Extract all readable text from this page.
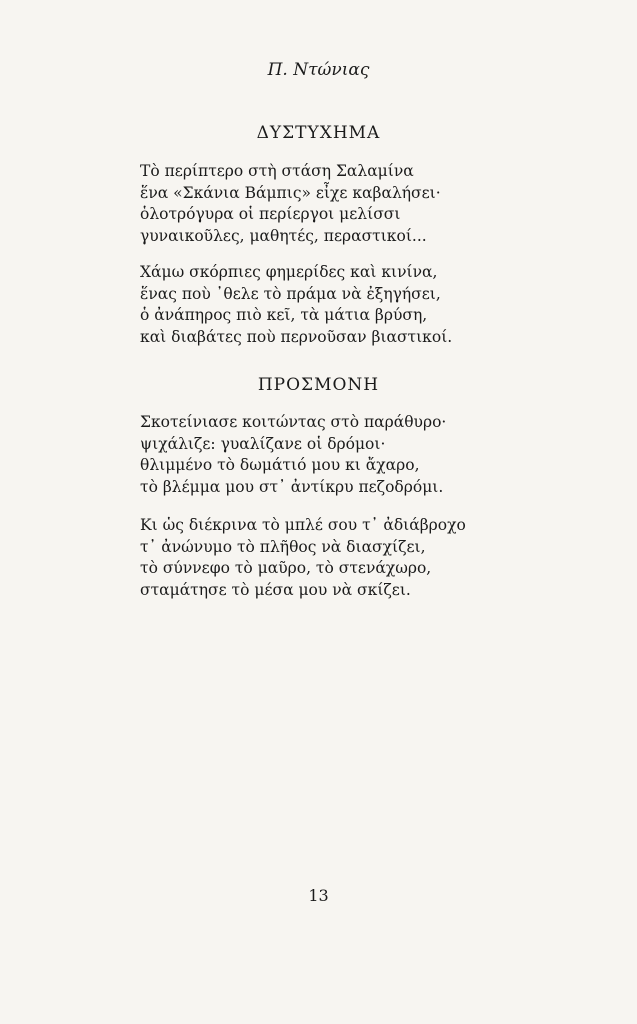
Π. Ντώνιας
ΔΥΣΤΥΧΗΜΑ
Τὸ περίπτερο στὴ στάση Σαλαμίνα
ἕνα «Σκάνια Βάμπις» εἶχε καβαλήσει·
ὁλοτρόγυρα οἱ περίεργοι μελίσσι
γυναικοῦλες, μαθητές, περαστικοί...
Χάμω σκόρπιες φημερίδες καὶ κινίνα,
ἕνας ποὺ ᾽θελε τὸ πράμα νὰ ἐξηγήσει,
ὁ ἀνάπηρος πιὸ κεῖ, τὰ μάτια βρύση,
καὶ διαβάτες ποὺ περνοῦσαν βιαστικοί.
ΠΡΟΣΜΟΝΗ
Σκοτείνιασε κοιτώντας στὸ παράθυρο·
ψιχάλιζε: γυαλίζανε οἱ δρόμοι·
θλιμμένο τὸ δωμάτιό μου κι ἄχαρο,
τὸ βλέμμα μου στ᾽ ἀντίκρυ πεζοδρόμι.
Κι ὡς διέκρινα τὸ μπλέ σου τ᾽ ἀδιάβροχο
τ᾽ ἀνώνυμο τὸ πλῆθος νὰ διασχίζει,
τὸ σύννεφο τὸ μαῦρο, τὸ στενάχωρο,
σταμάτησε τὸ μέσα μου νὰ σκίζει.
13
